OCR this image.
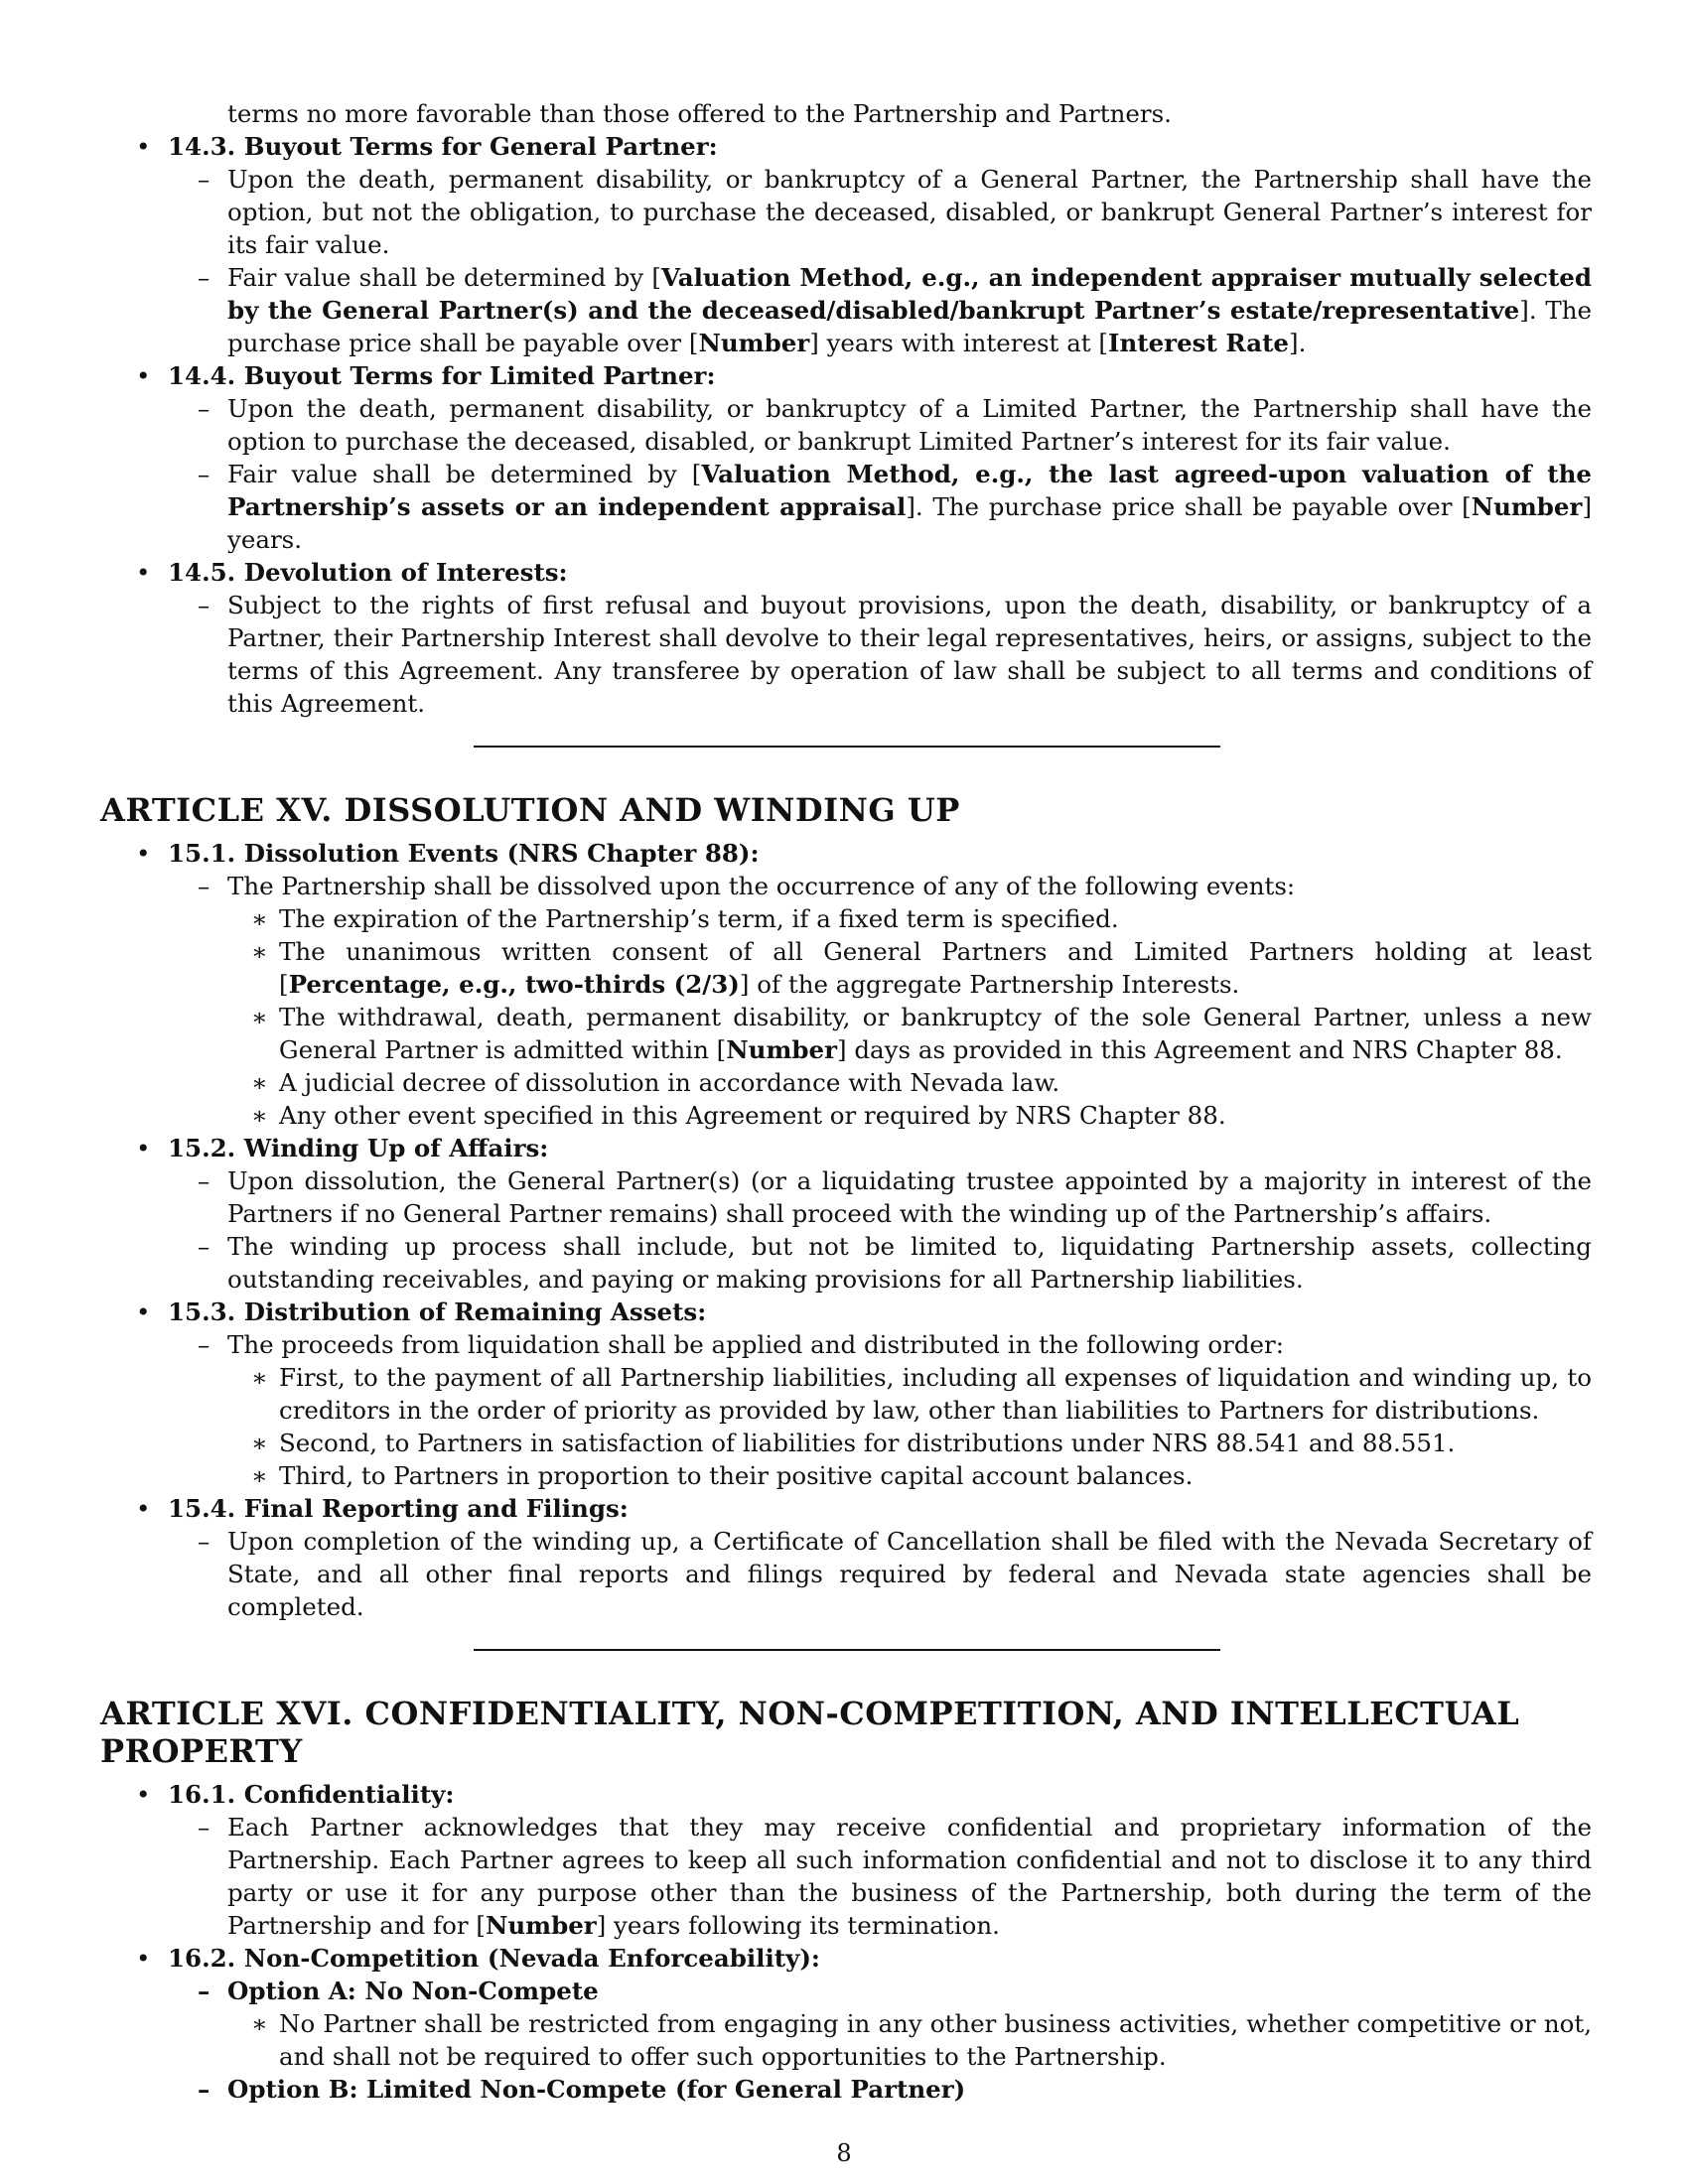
terms no more favorable than those offered to the Partnership and Partners.

• 14.3. Buyout Terms for General Partner:
– Upon the death, permanent disability, or bankruptcy of a General Partner, the Partnership shall have the option, but not the obligation, to purchase the deceased, disabled, or bankrupt General Partner’s interest for its fair value.
– Fair value shall be determined by [Valuation Method, e.g., an independent appraiser mutually selected by the General Partner(s) and the deceased/disabled/bankrupt Partner’s estate/representative]. The purchase price shall be payable over [Number] years with interest at [Interest Rate].
• 14.4. Buyout Terms for Limited Partner:
– Upon the death, permanent disability, or bankruptcy of a Limited Partner, the Partnership shall have the option to purchase the deceased, disabled, or bankrupt Limited Partner’s interest for its fair value.
– Fair value shall be determined by [Valuation Method, e.g., the last agreed-upon valuation of the Partnership’s assets or an independent appraisal]. The purchase price shall be payable over [Number] years.
• 14.5. Devolution of Interests:
– Subject to the rights of first refusal and buyout provisions, upon the death, disability, or bankruptcy of a Partner, their Partnership Interest shall devolve to their legal representatives, heirs, or assigns, subject to the terms of this Agreement. Any transferee by operation of law shall be subject to all terms and conditions of this Agreement.
ARTICLE XV. DISSOLUTION AND WINDING UP
• 15.1. Dissolution Events (NRS Chapter 88):
– The Partnership shall be dissolved upon the occurrence of any of the following events:
∗ The expiration of the Partnership’s term, if a fixed term is specified.
∗ The unanimous written consent of all General Partners and Limited Partners holding at least [Percentage, e.g., two-thirds (2/3)] of the aggregate Partnership Interests.
∗ The withdrawal, death, permanent disability, or bankruptcy of the sole General Partner, unless a new General Partner is admitted within [Number] days as provided in this Agreement and NRS Chapter 88.
∗ A judicial decree of dissolution in accordance with Nevada law.
∗ Any other event specified in this Agreement or required by NRS Chapter 88.
• 15.2. Winding Up of Affairs:
– Upon dissolution, the General Partner(s) (or a liquidating trustee appointed by a majority in interest of the Partners if no General Partner remains) shall proceed with the winding up of the Partnership’s affairs.
– The winding up process shall include, but not be limited to, liquidating Partnership assets, collecting outstanding receivables, and paying or making provisions for all Partnership liabilities.
• 15.3. Distribution of Remaining Assets:
– The proceeds from liquidation shall be applied and distributed in the following order:
∗ First, to the payment of all Partnership liabilities, including all expenses of liquidation and winding up, to creditors in the order of priority as provided by law, other than liabilities to Partners for distributions.
∗ Second, to Partners in satisfaction of liabilities for distributions under NRS 88.541 and 88.551.
∗ Third, to Partners in proportion to their positive capital account balances.
• 15.4. Final Reporting and Filings:
– Upon completion of the winding up, a Certificate of Cancellation shall be filed with the Nevada Secretary of State, and all other final reports and filings required by federal and Nevada state agencies shall be completed.
ARTICLE XVI. CONFIDENTIALITY, NON-COMPETITION, AND INTELLECTUAL PROPERTY
• 16.1. Confidentiality:
– Each Partner acknowledges that they may receive confidential and proprietary information of the Partnership. Each Partner agrees to keep all such information confidential and not to disclose it to any third party or use it for any purpose other than the business of the Partnership, both during the term of the Partnership and for [Number] years following its termination.
• 16.2. Non-Competition (Nevada Enforceability):
– Option A: No Non-Compete
∗ No Partner shall be restricted from engaging in any other business activities, whether competitive or not, and shall not be required to offer such opportunities to the Partnership.
– Option B: Limited Non-Compete (for General Partner)
8
